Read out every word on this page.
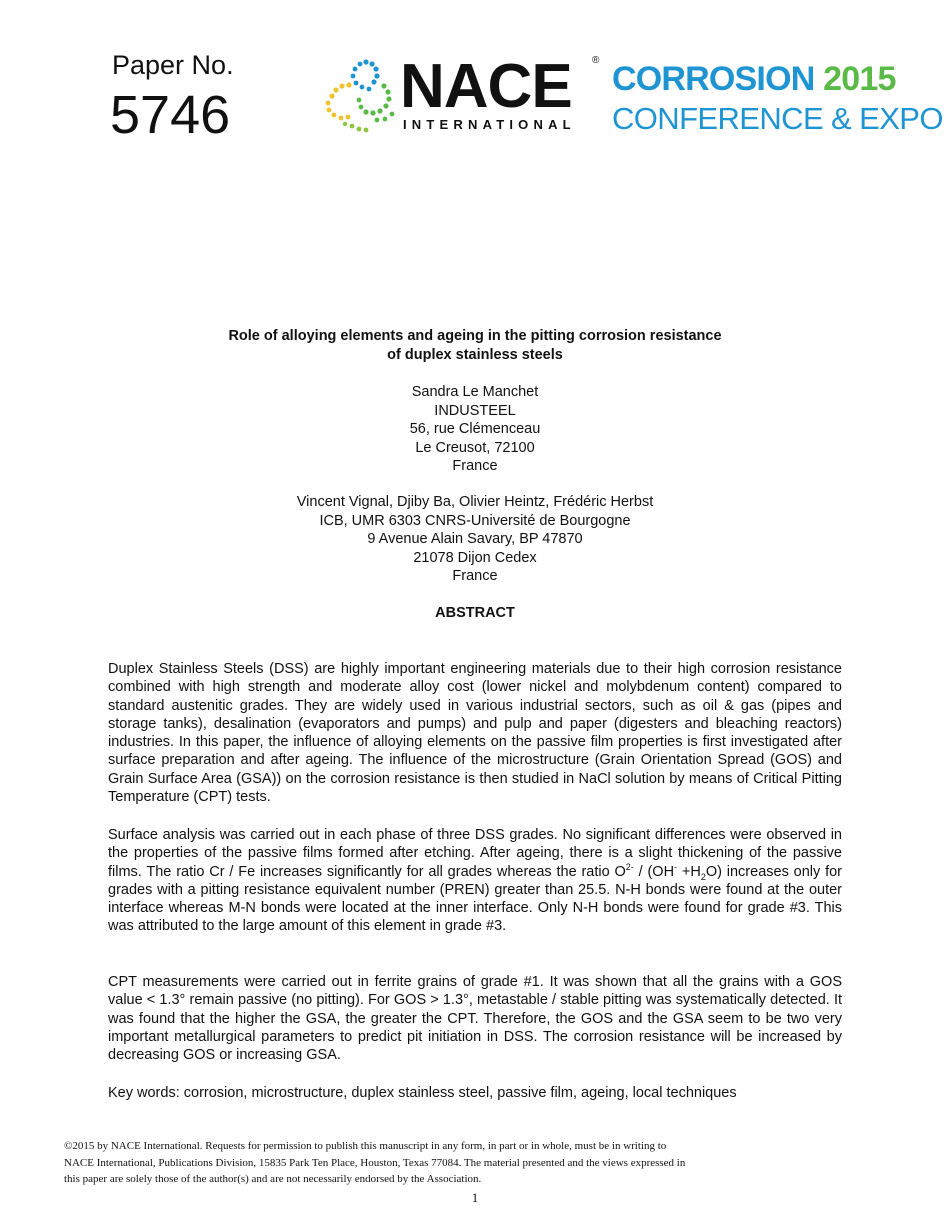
Paper No.
5746	NACE ®
INTERNATIONAL
CORROSION 2015
CONFERENCE & EXPO
Role of alloying elements and ageing in the pitting corrosion resistance
of duplex stainless steels
Sandra Le Manchet
INDUSTEEL
56, rue Clémenceau
Le Creusot, 72100
France
Vincent Vignal, Djiby Ba, Olivier Heintz, Frédéric Herbst
ICB, UMR 6303 CNRS-Université de Bourgogne
9 Avenue Alain Savary, BP 47870
21078 Dijon Cedex
France
ABSTRACT
Duplex Stainless Steels (DSS) are highly important engineering materials due to their high corrosion resistance combined with high strength and moderate alloy cost (lower nickel and molybdenum content) compared to standard austenitic grades. They are widely used in various industrial sectors, such as oil & gas (pipes and storage tanks), desalination (evaporators and pumps) and pulp and paper (digesters and bleaching reactors) industries. In this paper, the influence of alloying elements on the passive film properties is first investigated after surface preparation and after ageing. The influence of the microstructure (Grain Orientation Spread (GOS) and Grain Surface Area (GSA)) on the corrosion resistance is then studied in NaCl solution by means of Critical Pitting Temperature (CPT) tests.
Surface analysis was carried out in each phase of three DSS grades. No significant differences were observed in the properties of the passive films formed after etching. After ageing, there is a slight thickening of the passive films. The ratio Cr / Fe increases significantly for all grades whereas the ratio $O^{2-} / (OH^- +H_2O)$ increases only for grades with a pitting resistance equivalent number (PREN) greater than 25.5. N-H bonds were found at the outer interface whereas M-N bonds were located at the inner interface. Only N-H bonds were found for grade #3. This was attributed to the large amount of this element in grade #3.
CPT measurements were carried out in ferrite grains of grade #1. It was shown that all the grains with a GOS value < 1.3° remain passive (no pitting). For GOS > 1.3°, metastable / stable pitting was systematically detected. It was found that the higher the GSA, the greater the CPT. Therefore, the GOS and the GSA seem to be two very important metallurgical parameters to predict pit initiation in DSS. The corrosion resistance will be increased by decreasing GOS or increasing GSA.
Key words: corrosion, microstructure, duplex stainless steel, passive film, ageing, local techniques
©2015 by NACE International. Requests for permission to publish this manuscript in any form, in part or in whole, must be in writing to
NACE International, Publications Division, 15835 Park Ten Place, Houston, Texas 77084. The material presented and the views expressed in
this paper are solely those of the author(s) and are not necessarily endorsed by the Association.
1
